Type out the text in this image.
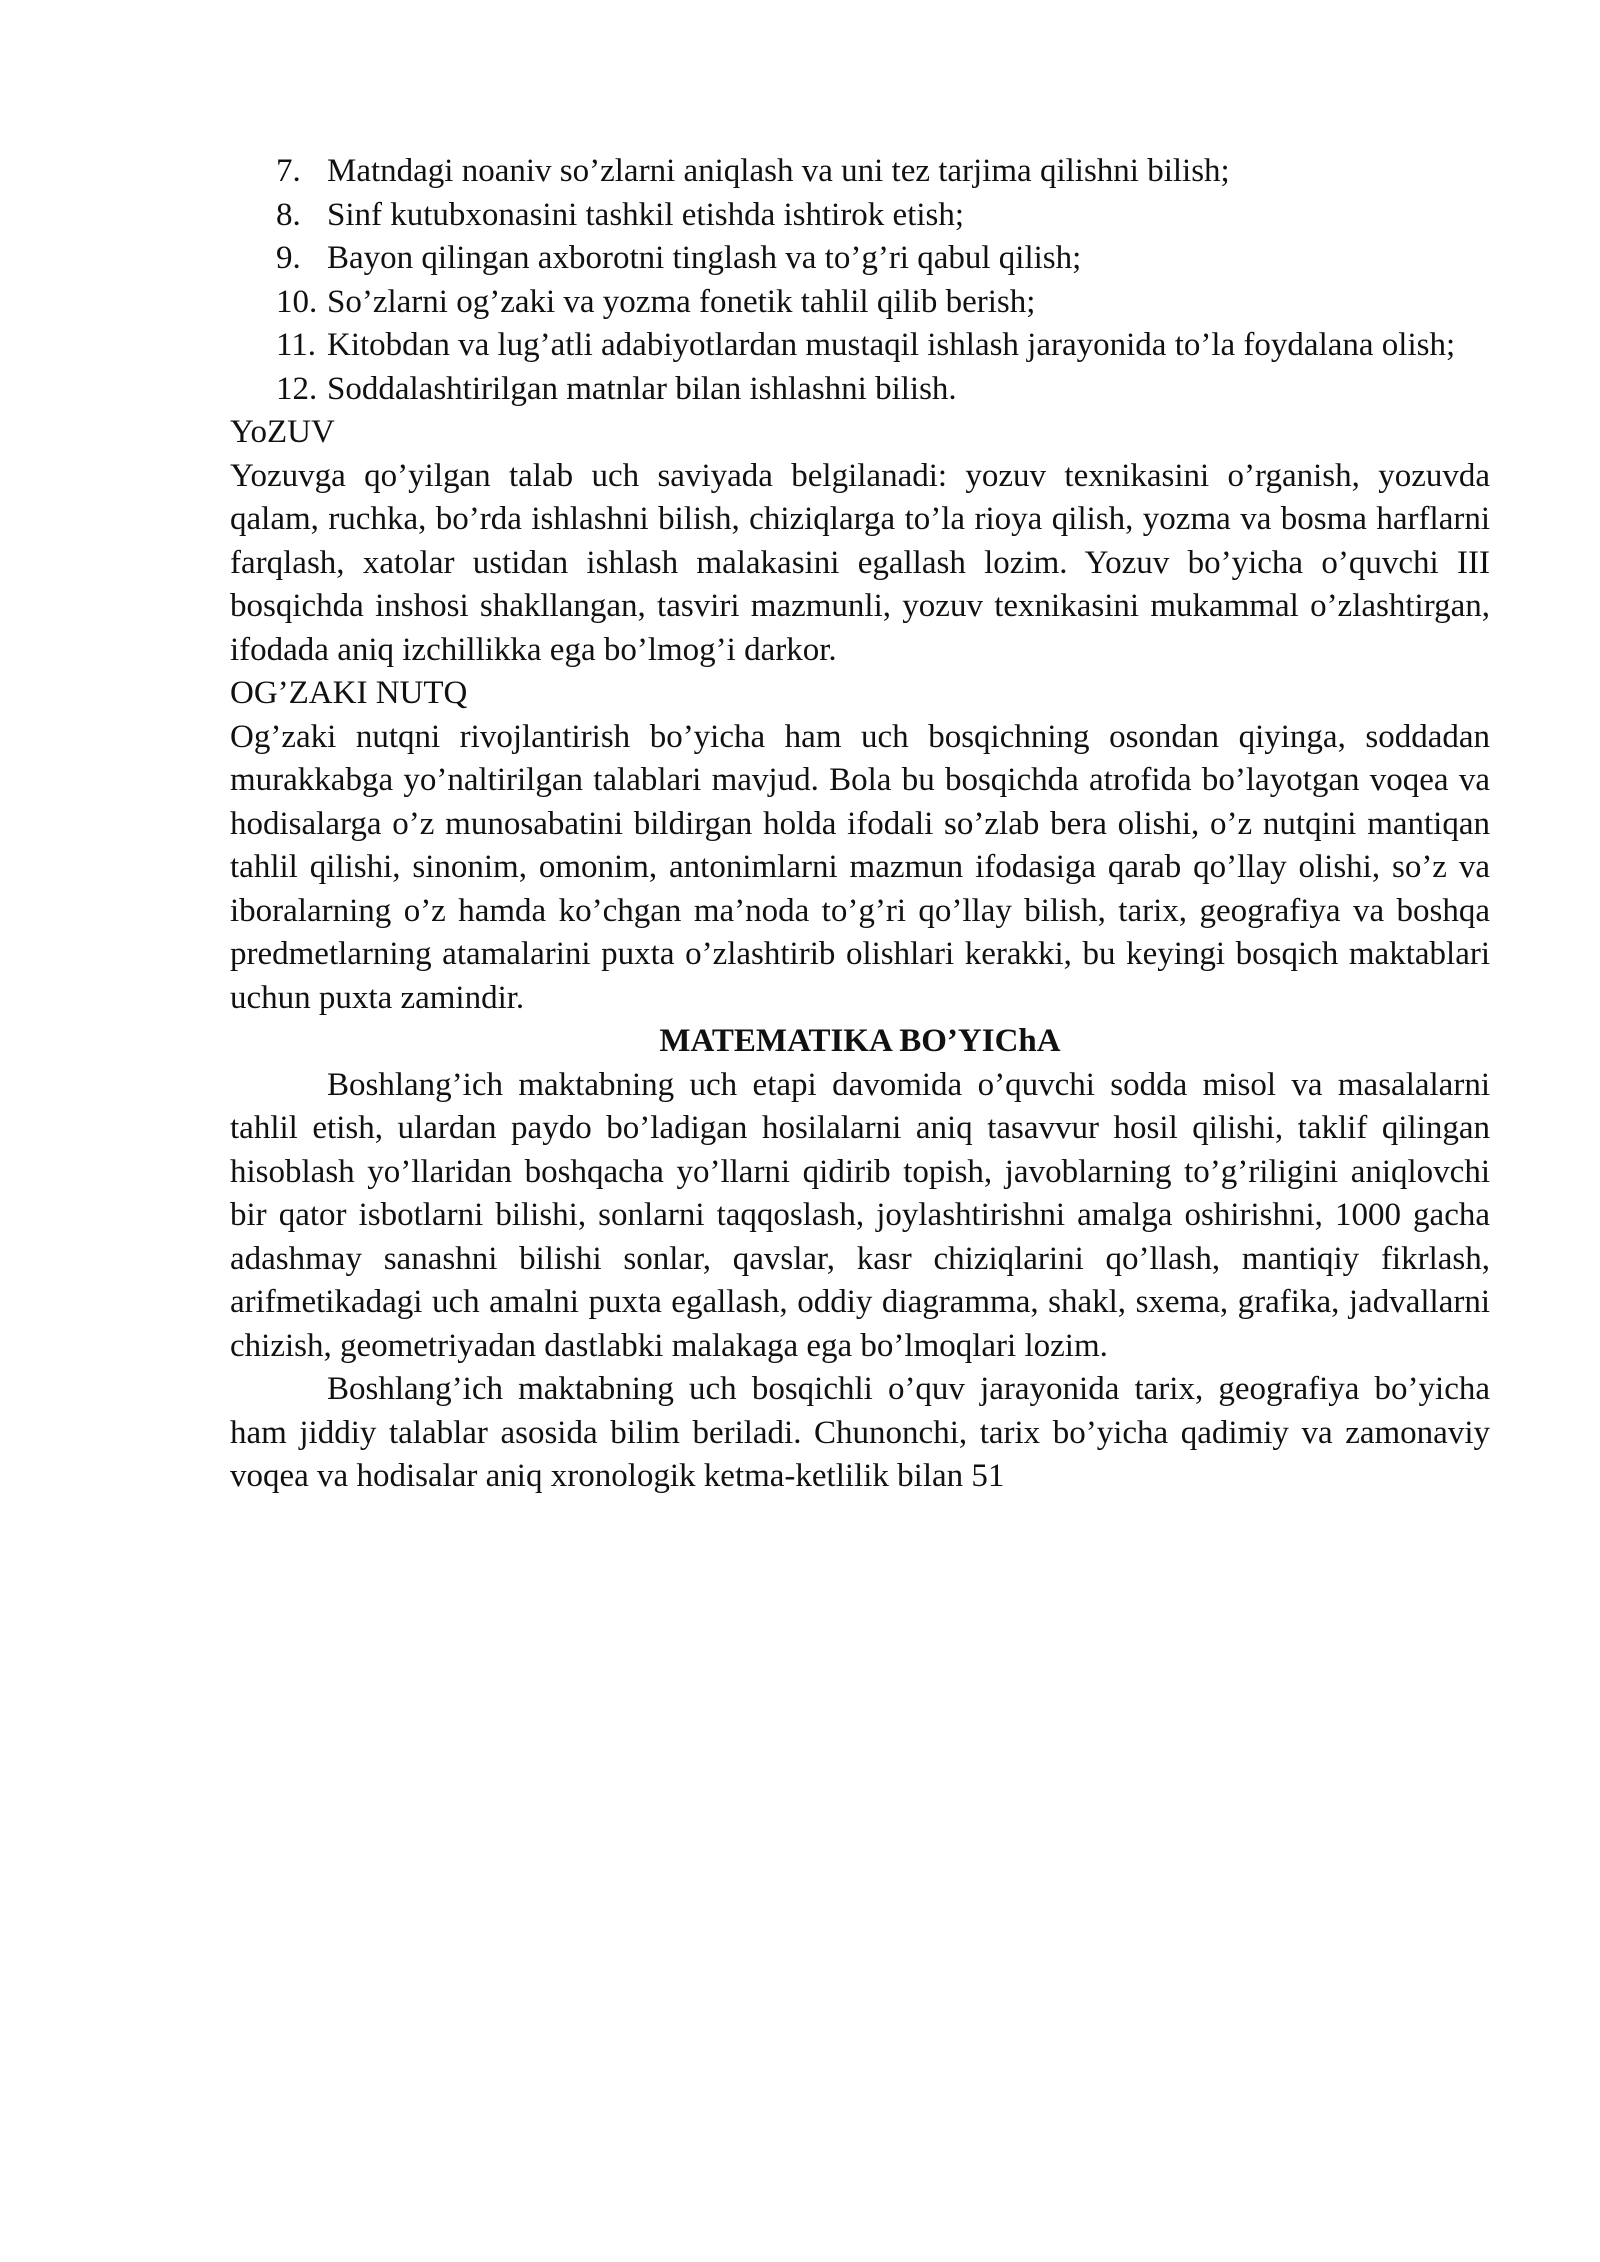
7. Matndagi noaniv so’zlarni aniqlash va uni tez tarjima qilishni bilish;
8. Sinf kutubxonasini tashkil etishda ishtirok etish;
9. Bayon qilingan axborotni tinglash va to’g’ri qabul qilish;
10. So’zlarni og’zaki va yozma fonetik tahlil qilib berish;
11. Kitobdan va lug’atli adabiyotlardan mustaqil ishlash jarayonida to’la foydalana olish;
12. Soddalashtirilgan matnlar bilan ishlashni bilish.

YoZUV

Yozuvga qo’yilgan talab uch saviyada belgilanadi: yozuv texnikasini o’rganish, yozuvda qalam, ruchka, bo’rda ishlashni bilish, chiziqlarga to’la rioya qilish, yozma va bosma harflarni farqlash, xatolar ustidan ishlash malakasini egallash lozim. Yozuv bo’yicha o’quvchi III bosqichda inshosi shakllangan, tasviri mazmunli, yozuv texnikasini mukammal o’zlashtirgan, ifodada aniq izchillikka ega bo’lmog’i darkor.

OG’ZAKI NUTQ

Og’zaki nutqni rivojlantirish bo’yicha ham uch bosqichning osondan qiyinga, soddadan murakkabga yo’naltirilgan talablari mavjud. Bola bu bosqichda atrofida bo’layotgan voqea va hodisalarga o’z munosabatini bildirgan holda ifodali so’zlab bera olishi, o’z nutqini mantiqan tahlil qilishi, sinonim, omonim, antonimlarni mazmun ifodasiga qarab qo’llay olishi, so’z va iboralarning o’z hamda ko’chgan ma’noda to’g’ri qo’llay bilish, tarix, geografiya va boshqa predmetlarning atamalarini puxta o’zlashtirib olishlari kerakki, bu keyingi bosqich maktablari uchun puxta zamindir.

MATEMATIKA BO’YIChA

Boshlang’ich maktabning uch etapi davomida o’quvchi sodda misol va masalalarni tahlil etish, ulardan paydo bo’ladigan hosilalarni aniq tasavvur hosil qilishi, taklif qilingan hisoblash yo’llaridan boshqacha yo’llarni qidirib topish, javoblarning to’g’riligini aniqlovchi bir qator isbotlarni bilishi, sonlarni taqqoslash, joylashtirishni amalga oshirishni, 1000 gacha adashmay sanashni bilishi sonlar, qavslar, kasr chiziqlarini qo’llash, mantiqiy fikrlash, arifmetikadagi uch amalni puxta egallash, oddiy diagramma, shakl, sxema, grafika, jadvallarni chizish, geometriyadan dastlabki malakaga ega bo’lmoqlari lozim.

Boshlang’ich maktabning uch bosqichli o’quv jarayonida tarix, geografiya bo’yicha ham jiddiy talablar asosida bilim beriladi. Chunonchi, tarix bo’yicha qadimiy va zamonaviy voqea va hodisalar aniq xronologik ketma-ketlilik bilan 51
